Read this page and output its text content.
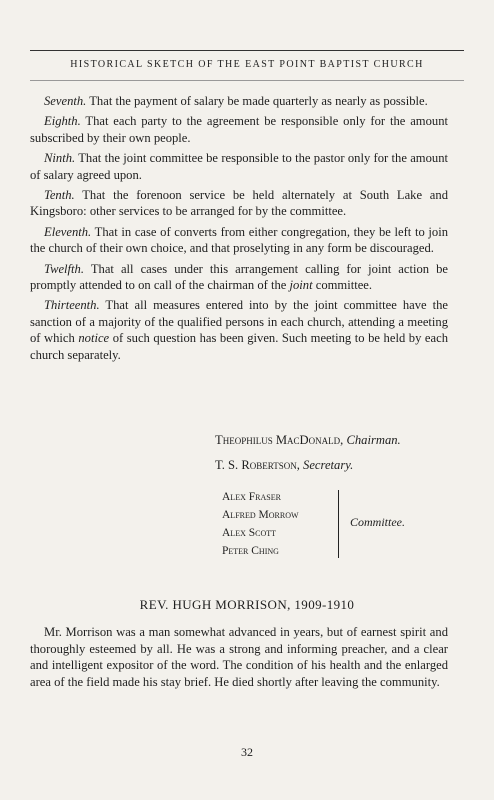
HISTORICAL SKETCH OF THE EAST POINT BAPTIST CHURCH

Seventh. That the payment of salary be made quarterly as nearly as possible.

Eighth. That each party to the agreement be responsible only for the amount subscribed by their own people.

Ninth. That the joint committee be responsible to the pastor only for the amount of salary agreed upon.

Tenth. That the forenoon service be held alternately at South Lake and Kingsboro: other services to be arranged for by the committee.

Eleventh. That in case of converts from either congregation, they be left to join the church of their own choice, and that proselyting in any form be discouraged.

Twelfth. That all cases under this arrangement calling for joint action be promptly attended to on call of the chairman of the joint committee.

Thirteenth. That all measures entered into by the joint committee have the sanction of a majority of the qualified persons in each church, attending a meeting of which notice of such question has been given. Such meeting to be held by each church separately.

Theophilus MacDonald, Chairman.
T. S. Robertson, Secretary.
Alex Fraser
Alfred Morrow
Alex Scott
Peter Ching
Committee.
REV. HUGH MORRISON, 1909-1910

Mr. Morrison was a man somewhat advanced in years, but of earnest spirit and thoroughly esteemed by all. He was a strong and informing preacher, and a clear and intelligent expositor of the word. The condition of his health and the enlarged area of the field made his stay brief. He died shortly after leaving the community.

32
